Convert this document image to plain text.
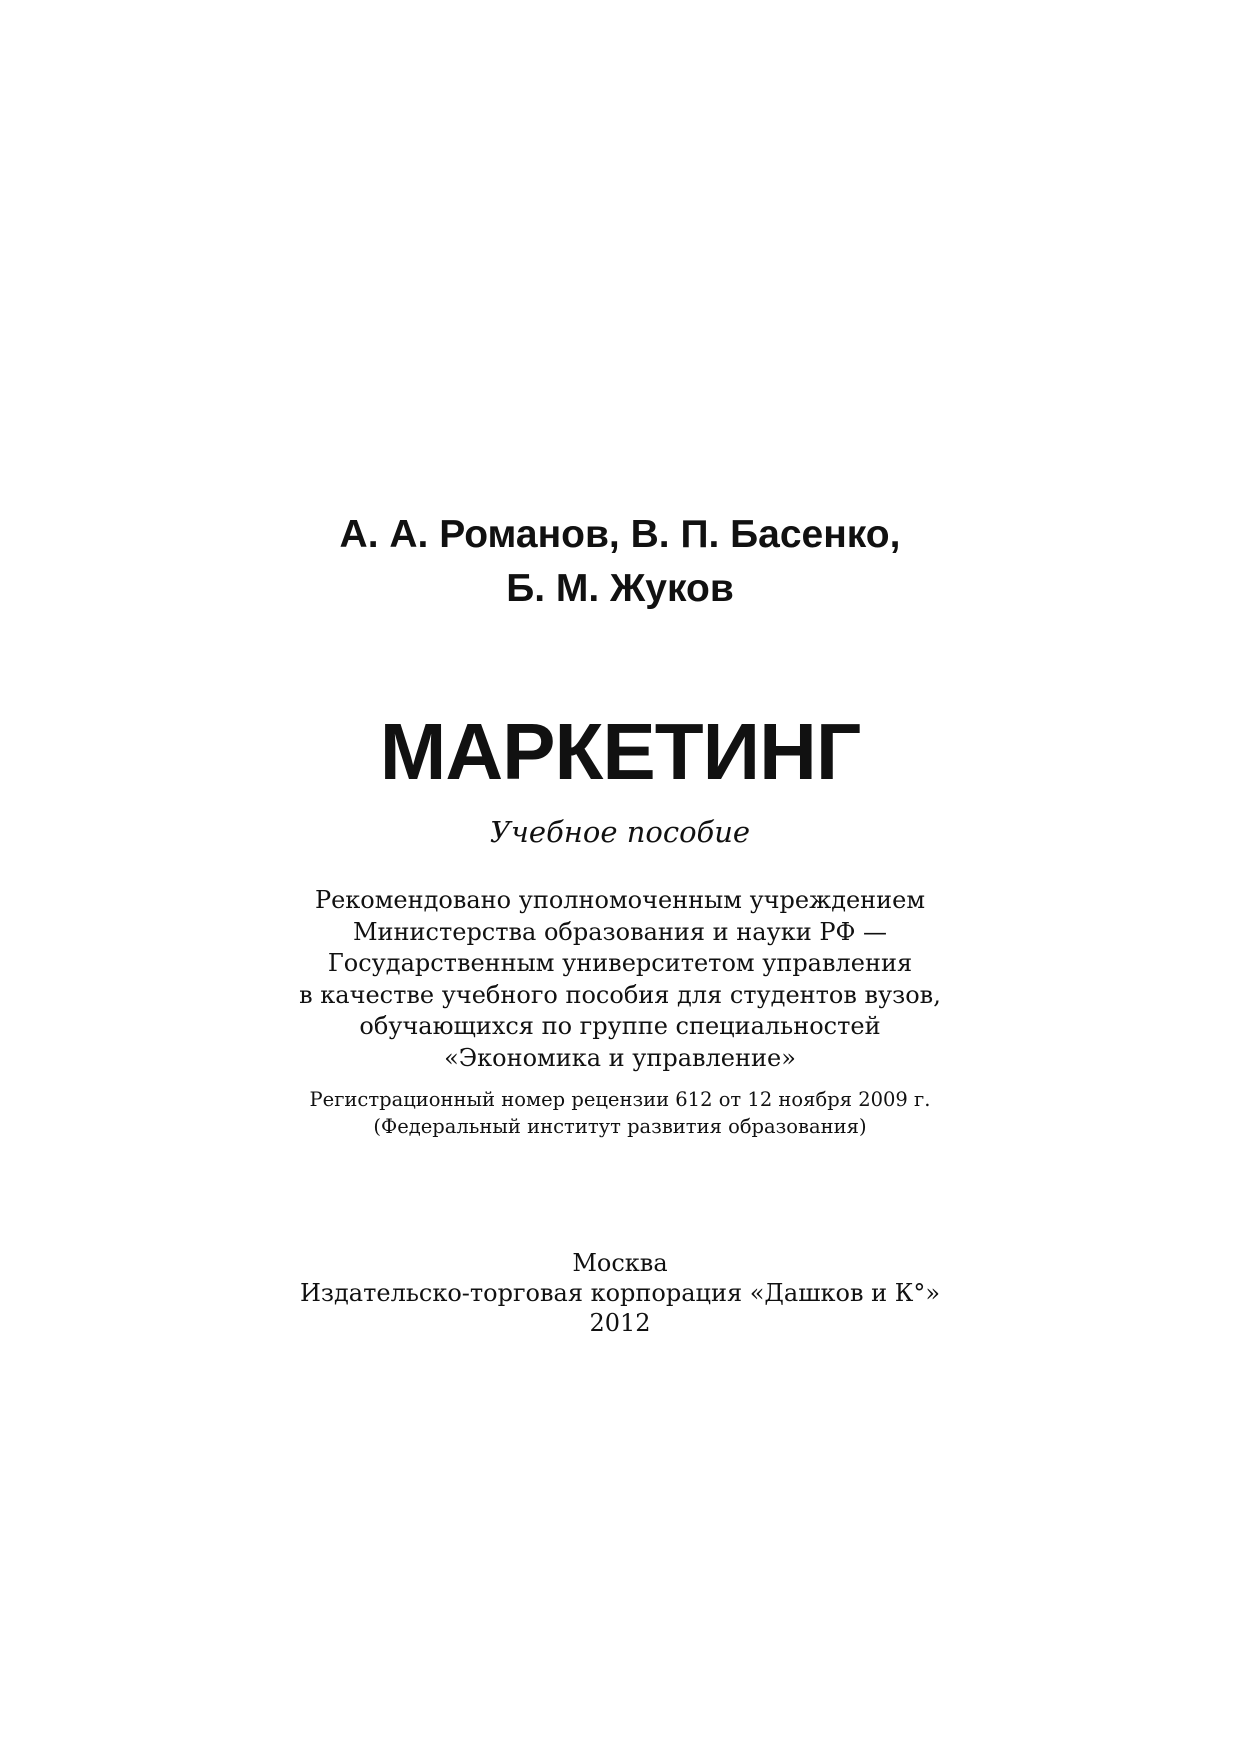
А. А. Романов, В. П. Басенко,
Б. М. Жуков
МАРКЕТИНГ
Учебное пособие
Рекомендовано уполномоченным учреждением
Министерства образования и науки РФ —
Государственным университетом управления
в качестве учебного пособия для студентов вузов,
обучающихся по группе специальностей
«Экономика и управление»
Регистрационный номер рецензии 612 от 12 ноября 2009 г.
(Федеральный институт развития образования)
Москва
Издательско-торговая корпорация «Дашков и К°»
2012
